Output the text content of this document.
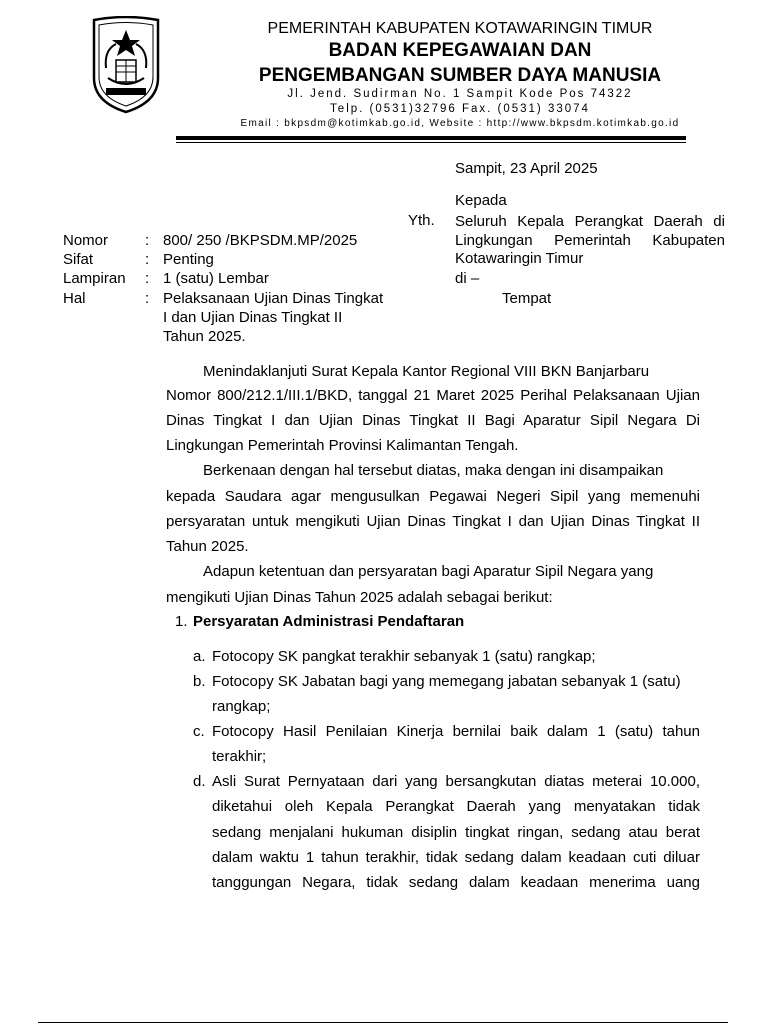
PEMERINTAH KABUPATEN KOTAWARINGIN TIMUR
BADAN KEPEGAWAIAN DAN
PENGEMBANGAN SUMBER DAYA MANUSIA
Jl. Jend. Sudirman No. 1 Sampit Kode Pos 74322
Telp. (0531)32796 Fax. (0531) 33074
Email : bkpsdm@kotimkab.go.id, Website : http://www.bkpsdm.kotimkab.go.id
Sampit, 23 April 2025
Kepada
Yth. Seluruh Kepala Perangkat Daerah di
Lingkungan Pemerintah Kabupaten
Kotawaringin Timur
di –
Tempat
Nomor : 800/ 250 /BKPSDM.MP/2025
Sifat	: Penting
Lampiran : 1 (satu) Lembar
Hal	: Pelaksanaan Ujian Dinas Tingkat
I dan Ujian Dinas Tingkat II
Tahun 2025.
Menindaklanjuti Surat Kepala Kantor Regional VIII BKN Banjarbaru
Nomor 800/212.1/III.1/BKD, tanggal 21 Maret 2025 Perihal Pelaksanaan Ujian
Dinas Tingkat I dan Ujian Dinas Tingkat II Bagi Aparatur Sipil Negara Di
Lingkungan Pemerintah Provinsi Kalimantan Tengah.
Berkenaan dengan hal tersebut diatas, maka dengan ini disampaikan
kepada Saudara agar mengusulkan Pegawai Negeri Sipil yang memenuhi
persyaratan untuk mengikuti Ujian Dinas Tingkat I dan Ujian Dinas Tingkat II
Tahun 2025.
Adapun ketentuan dan persyaratan bagi Aparatur Sipil Negara yang
mengikuti Ujian Dinas Tahun 2025 adalah sebagai berikut:
1. Persyaratan Administrasi Pendaftaran
a. Fotocopy SK pangkat terakhir sebanyak 1 (satu) rangkap;
b. Fotocopy SK Jabatan bagi yang memegang jabatan sebanyak 1 (satu)
rangkap;
c. Fotocopy Hasil Penilaian Kinerja bernilai baik dalam 1 (satu) tahun
terakhir;
d. Asli Surat Pernyataan dari yang bersangkutan diatas meterai 10.000,
diketahui oleh Kepala Perangkat Daerah yang menyatakan tidak
sedang menjalani hukuman disiplin tingkat ringan, sedang atau berat
dalam waktu 1 tahun terakhir, tidak sedang dalam keadaan cuti diluar
tanggungan Negara, tidak sedang dalam keadaan menerima uang
